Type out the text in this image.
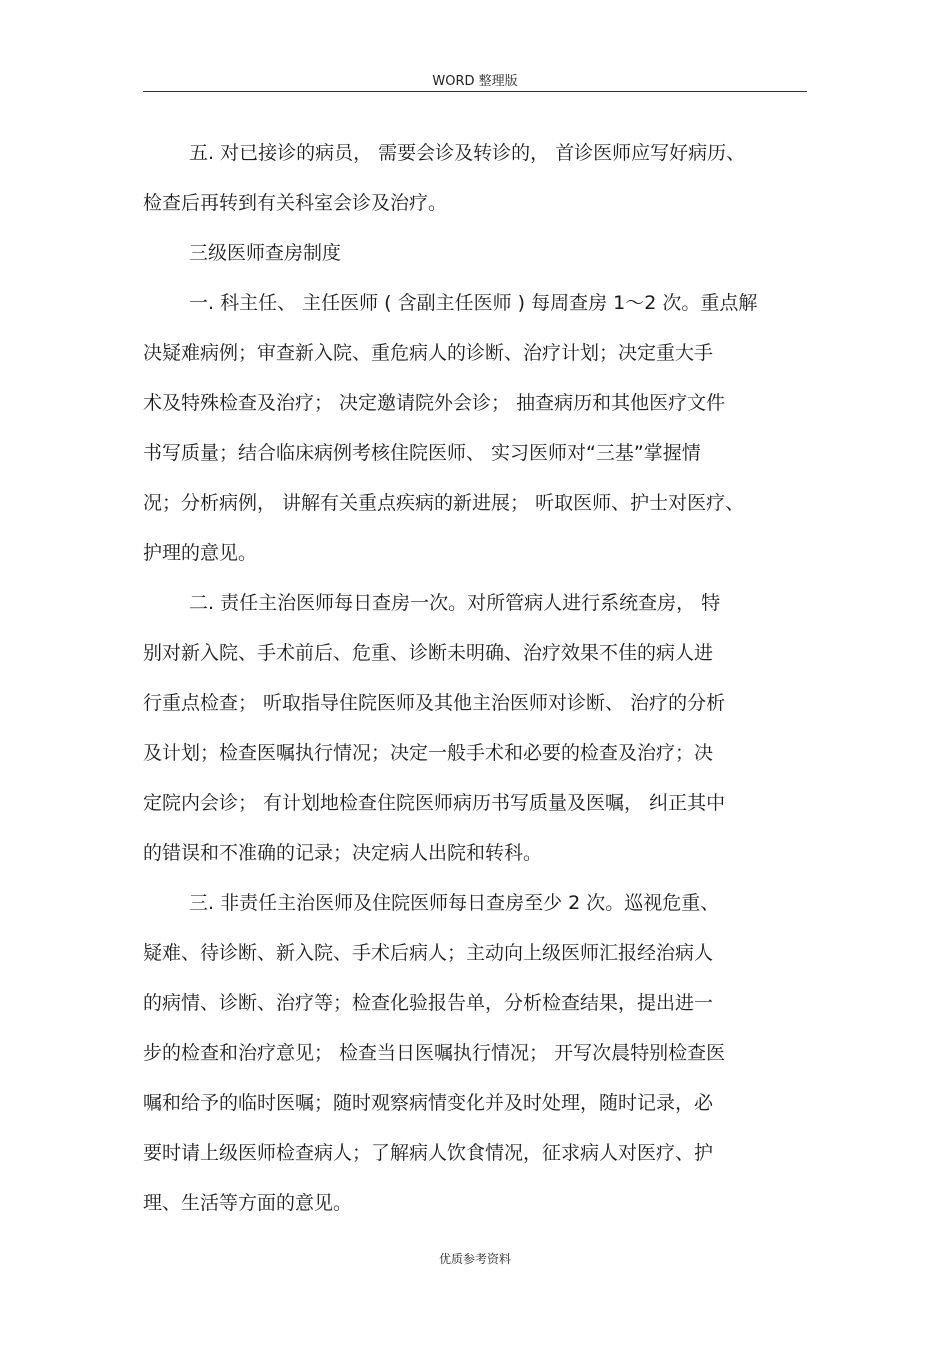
WORD 整理版
五. 对已接诊的病员， 需要会诊及转诊的， 首诊医师应写好病历、
检查后再转到有关科室会诊及治疗。
三级医师查房制度
一. 科主任、 主任医师 ( 含副主任医师 ) 每周查房 1～2 次。重点解
决疑难病例；审查新入院、重危病人的诊断、治疗计划；决定重大手
术及特殊检查及治疗； 决定邀请院外会诊； 抽查病历和其他医疗文件
书写质量；结合临床病例考核住院医师、 实习医师对“三基”掌握情
况；分析病例， 讲解有关重点疾病的新进展； 听取医师、护士对医疗、
护理的意见。
二. 责任主治医师每日查房一次。对所管病人进行系统查房， 特
别对新入院、手术前后、危重、诊断未明确、治疗效果不佳的病人进
行重点检查； 听取指导住院医师及其他主治医师对诊断、 治疗的分析
及计划；检查医嘱执行情况；决定一般手术和必要的检查及治疗；决
定院内会诊； 有计划地检查住院医师病历书写质量及医嘱， 纠正其中
的错误和不准确的记录；决定病人出院和转科。
三. 非责任主治医师及住院医师每日查房至少 2 次。巡视危重、
疑难、待诊断、新入院、手术后病人；主动向上级医师汇报经治病人
的病情、诊断、治疗等；检查化验报告单，分析检查结果，提出进一
步的检查和治疗意见； 检查当日医嘱执行情况； 开写次晨特别检查医
嘱和给予的临时医嘱；随时观察病情变化并及时处理，随时记录，必
要时请上级医师检查病人；了解病人饮食情况，征求病人对医疗、护
理、生活等方面的意见。
优质参考资料
